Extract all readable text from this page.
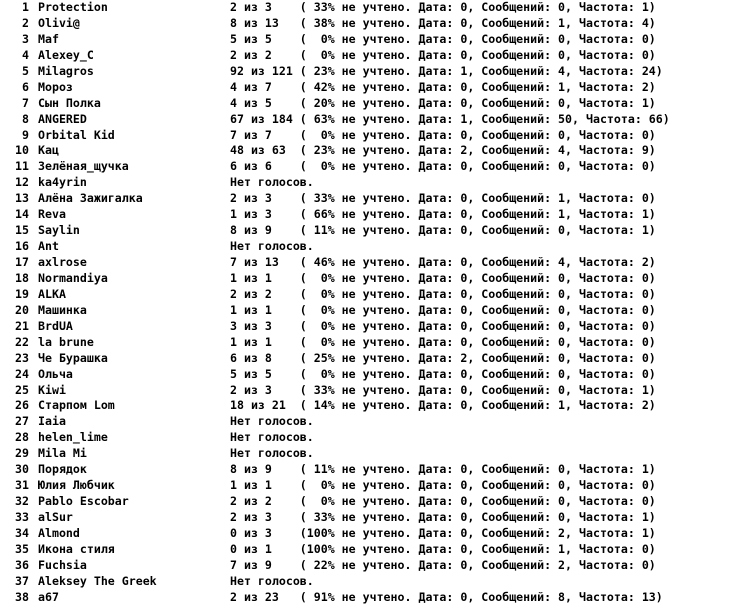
1 Protection	2 из 3    ( 33% не учтено. Дата: 0, Сообщений: 0, Частота: 1)
2 Olivi@	8 из 13   ( 38% не учтено. Дата: 0, Сообщений: 1, Частота: 4)
3 Maf	5 из 5    (  0% не учтено. Дата: 0, Сообщений: 0, Частота: 0)
4 Alexey_C	2 из 2    (  0% не учтено. Дата: 0, Сообщений: 0, Частота: 0)
5 Milagros	92 из 121 ( 23% не учтено. Дата: 1, Сообщений: 4, Частота: 24)
6 Мороз	4 из 7    ( 42% не учтено. Дата: 0, Сообщений: 1, Частота: 2)
7 Сын Полка	4 из 5    ( 20% не учтено. Дата: 0, Сообщений: 0, Частота: 1)
8 ANGERED	67 из 184 ( 63% не учтено. Дата: 1, Сообщений: 50, Частота: 66)
9 Orbital Kid	7 из 7    (  0% не учтено. Дата: 0, Сообщений: 0, Частота: 0)
10 Кац	48 из 63  ( 23% не учтено. Дата: 2, Сообщений: 4, Частота: 9)
11 Зелёная_щучка	6 из 6    (  0% не учтено. Дата: 0, Сообщений: 0, Частота: 0)
12 ka4yrin	Нет голосов.
13 Алёна Зажигалка	2 из 3    ( 33% не учтено. Дата: 0, Сообщений: 1, Частота: 0)
14 Reva	1 из 3    ( 66% не учтено. Дата: 0, Сообщений: 1, Частота: 1)
15 Saylin	8 из 9    ( 11% не учтено. Дата: 0, Сообщений: 0, Частота: 1)
16 Ant	Нет голосов.
17 axlrose	7 из 13   ( 46% не учтено. Дата: 0, Сообщений: 4, Частота: 2)
18 Normandiya	1 из 1    (  0% не учтено. Дата: 0, Сообщений: 0, Частота: 0)
19 ALKA	2 из 2    (  0% не учтено. Дата: 0, Сообщений: 0, Частота: 0)
20 Машинка	1 из 1    (  0% не учтено. Дата: 0, Сообщений: 0, Частота: 0)
21 BrdUA	3 из 3    (  0% не учтено. Дата: 0, Сообщений: 0, Частота: 0)
22 la brune	1 из 1    (  0% не учтено. Дата: 0, Сообщений: 0, Частота: 0)
23 Че Бурашка	6 из 8    ( 25% не учтено. Дата: 2, Сообщений: 0, Частота: 0)
24 Ольча	5 из 5    (  0% не учтено. Дата: 0, Сообщений: 0, Частота: 0)
25 Kiwi	2 из 3    ( 33% не учтено. Дата: 0, Сообщений: 0, Частота: 1)
26 Старпом Lom	18 из 21  ( 14% не учтено. Дата: 0, Сообщений: 1, Частота: 2)
27 Iaia	Нет голосов.
28 helen_lime	Нет голосов.
29 Mila Mi	Нет голосов.
30 Порядок	8 из 9    ( 11% не учтено. Дата: 0, Сообщений: 0, Частота: 1)
31 Юлия Любчик	1 из 1    (  0% не учтено. Дата: 0, Сообщений: 0, Частота: 0)
32 Pablo Escobar	2 из 2    (  0% не учтено. Дата: 0, Сообщений: 0, Частота: 0)
33 alSur	2 из 3    ( 33% не учтено. Дата: 0, Сообщений: 0, Частота: 1)
34 Almond	0 из 3    (100% не учтено. Дата: 0, Сообщений: 2, Частота: 1)
35 Икона стиля	0 из 1    (100% не учтено. Дата: 0, Сообщений: 1, Частота: 0)
36 Fuchsia	7 из 9    ( 22% не учтено. Дата: 0, Сообщений: 2, Частота: 0)
37 Aleksey The Greek	Нет голосов.
38 a67	2 из 23   ( 91% не учтено. Дата: 0, Сообщений: 8, Частота: 13)
